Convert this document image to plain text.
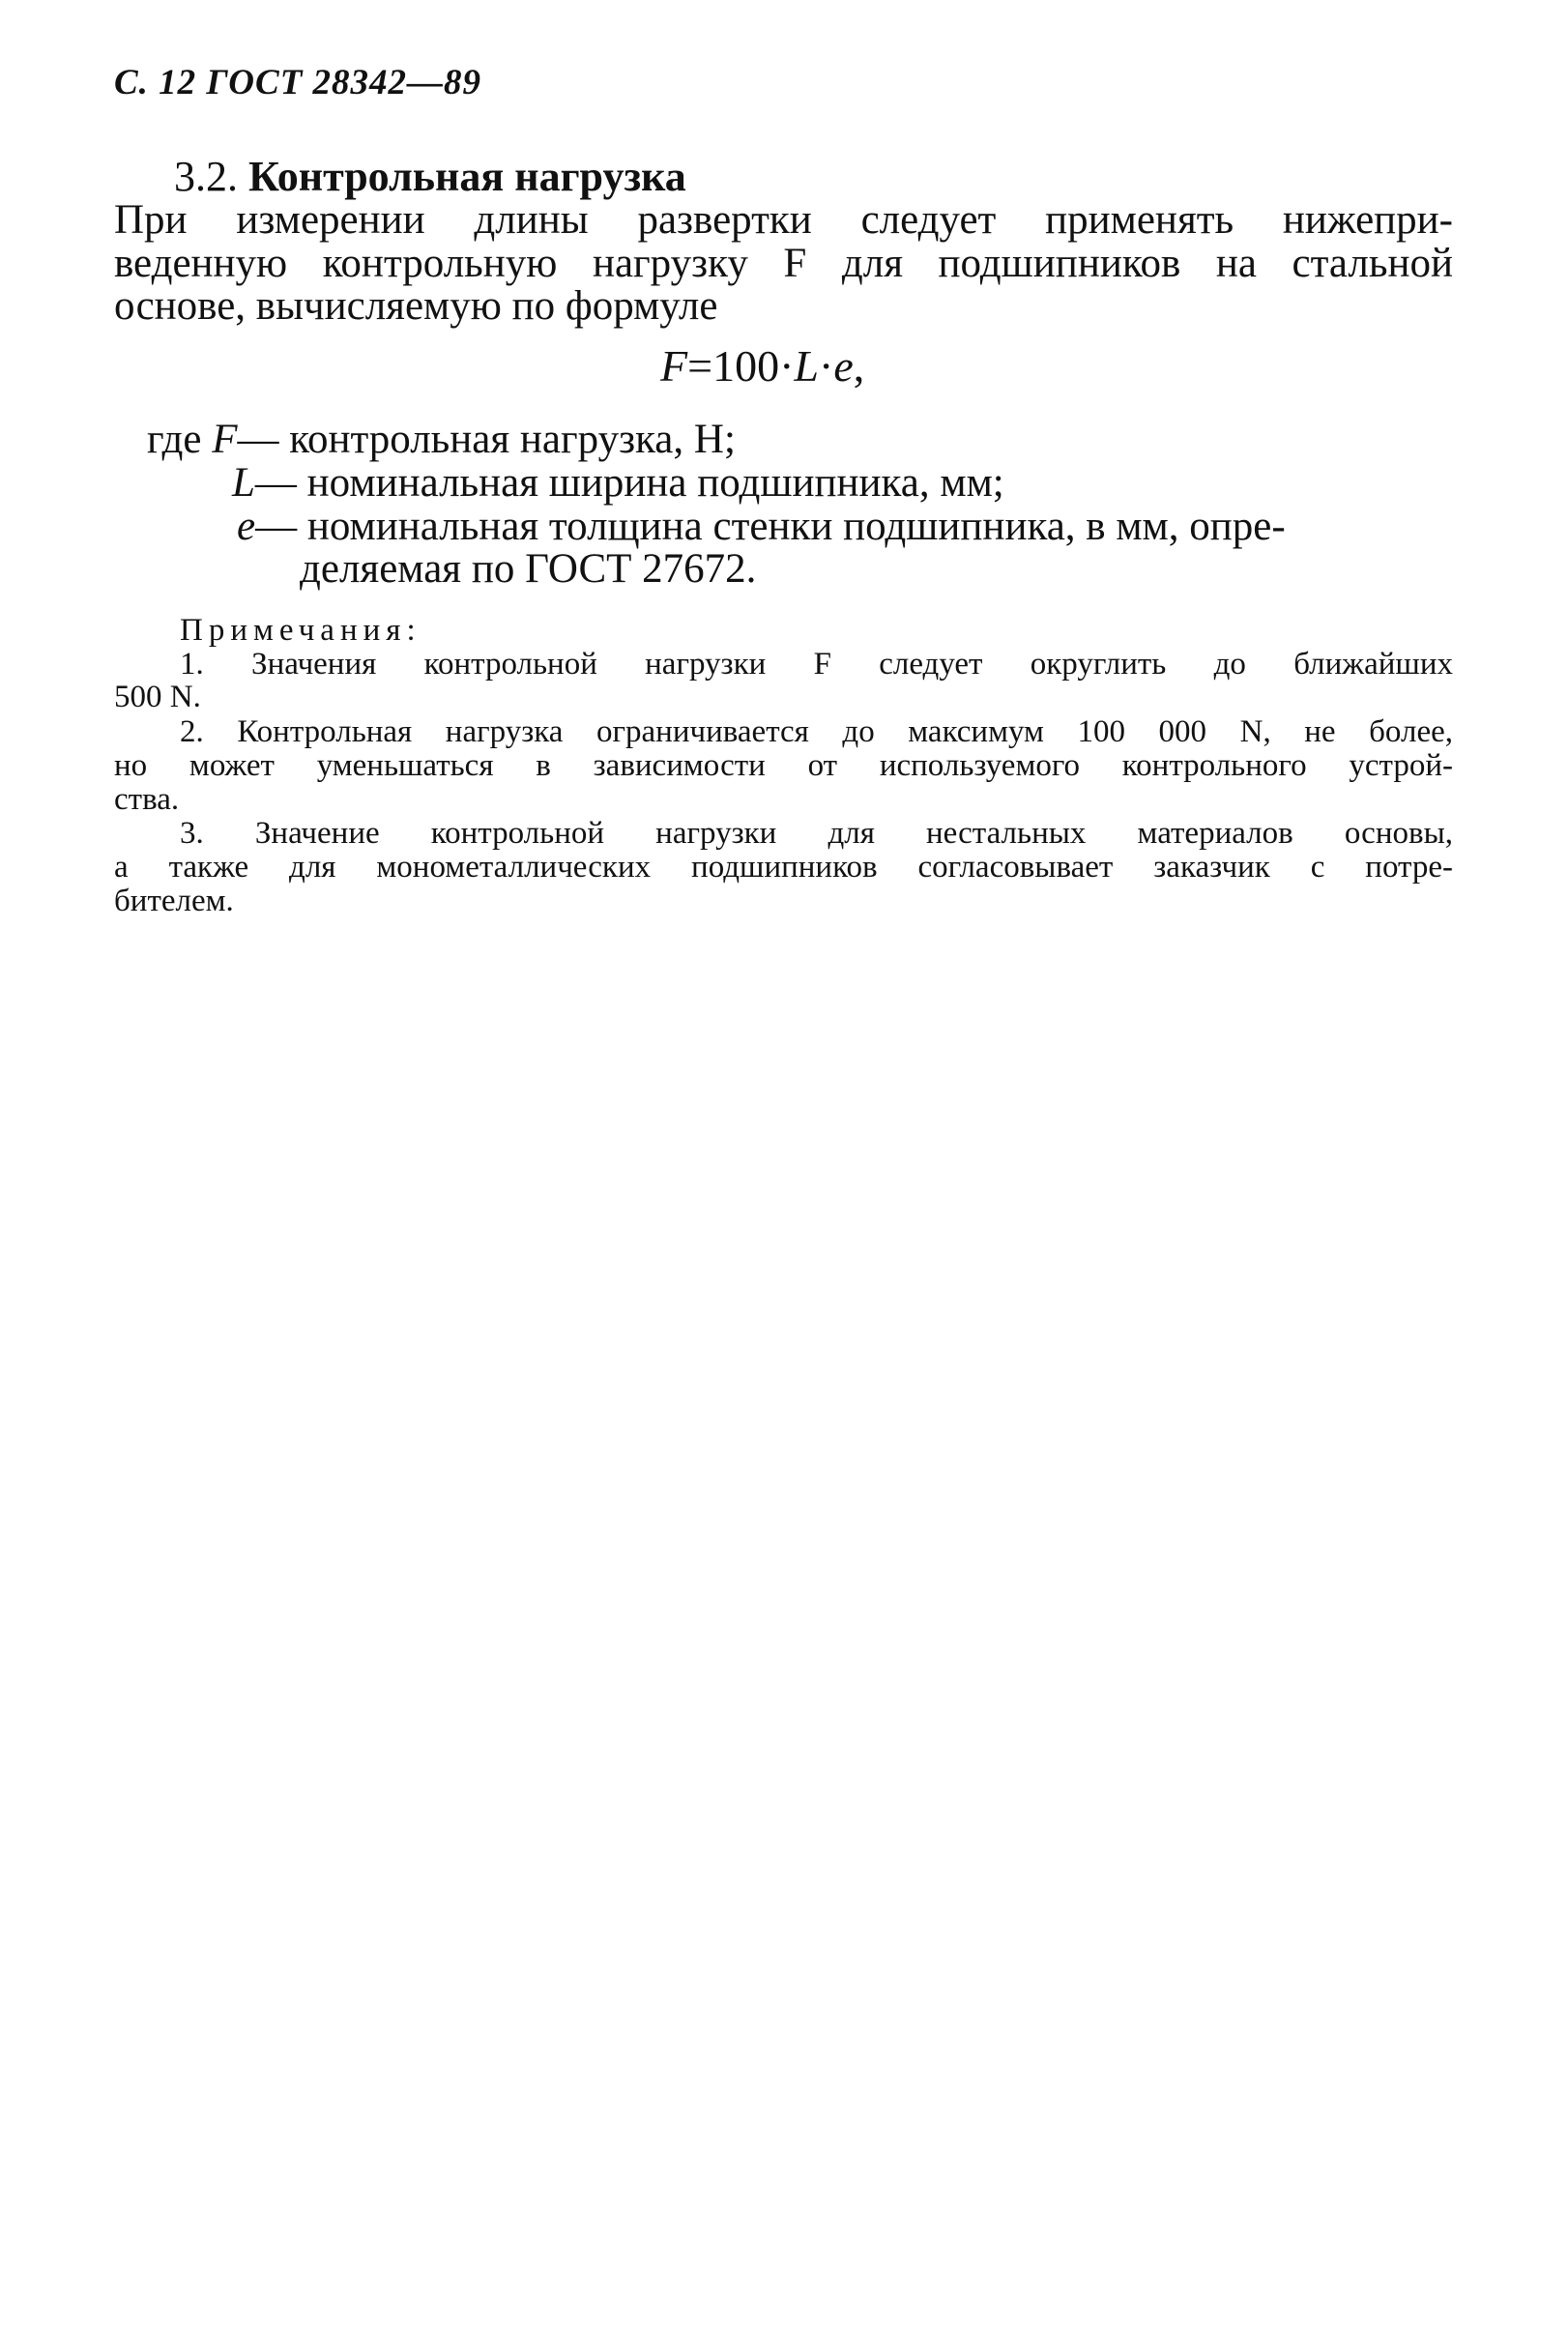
С. 12 ГОСТ 28342—89
3.2. Контрольная нагрузка
При измерении длины развертки следует применять нижепри-
веденную контрольную нагрузку F для подшипников на стальной
основе, вычисляемую по формуле
F=100·L·e,
где F— контрольная нагрузка, Н;
L— номинальная ширина подшипника, мм;
e— номинальная толщина стенки подшипника, в мм, опре-
деляемая по ГОСТ 27672.
Примечания:
1. Значения контрольной нагрузки F следует округлить до ближайших
500 N.
2. Контрольная нагрузка ограничивается до максимум 100 000 N, не более,
но может уменьшаться в зависимости от используемого контрольного устрой-
ства.
3. Значение контрольной нагрузки для нестальных материалов основы,
а также для монометаллических подшипников согласовывает заказчик с потре-
бителем.
